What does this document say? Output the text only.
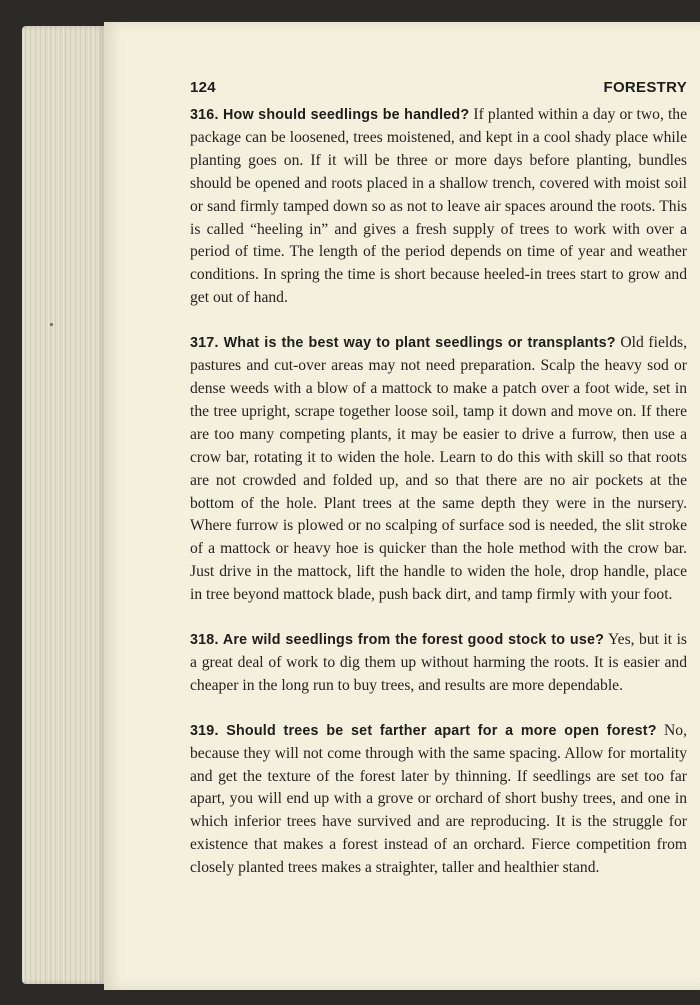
124	FORESTRY

316. How should seedlings be handled? If planted within a day or two, the package can be loosened, trees moistened, and kept in a cool shady place while planting goes on. If it will be three or more days before planting, bundles should be opened and roots placed in a shallow trench, covered with moist soil or sand firmly tamped down so as not to leave air spaces around the roots. This is called “heeling in” and gives a fresh supply of trees to work with over a period of time. The length of the period depends on time of year and weather conditions. In spring the time is short because heeled-in trees start to grow and get out of hand.

317. What is the best way to plant seedlings or transplants? Old fields, pastures and cut-over areas may not need preparation. Scalp the heavy sod or dense weeds with a blow of a mattock to make a patch over a foot wide, set in the tree upright, scrape together loose soil, tamp it down and move on. If there are too many competing plants, it may be easier to drive a furrow, then use a crow bar, rotating it to widen the hole. Learn to do this with skill so that roots are not crowded and folded up, and so that there are no air pockets at the bottom of the hole. Plant trees at the same depth they were in the nursery. Where furrow is plowed or no scalping of surface sod is needed, the slit stroke of a mattock or heavy hoe is quicker than the hole method with the crow bar. Just drive in the mattock, lift the handle to widen the hole, drop handle, place in tree beyond mattock blade, push back dirt, and tamp firmly with your foot.

318. Are wild seedlings from the forest good stock to use? Yes, but it is a great deal of work to dig them up without harming the roots. It is easier and cheaper in the long run to buy trees, and results are more dependable.

319. Should trees be set farther apart for a more open forest? No, because they will not come through with the same spacing. Allow for mortality and get the texture of the forest later by thinning. If seedlings are set too far apart, you will end up with a grove or orchard of short bushy trees, and one in which inferior trees have survived and are reproducing. It is the struggle for existence that makes a forest instead of an orchard. Fierce competition from closely planted trees makes a straighter, taller and healthier stand.
